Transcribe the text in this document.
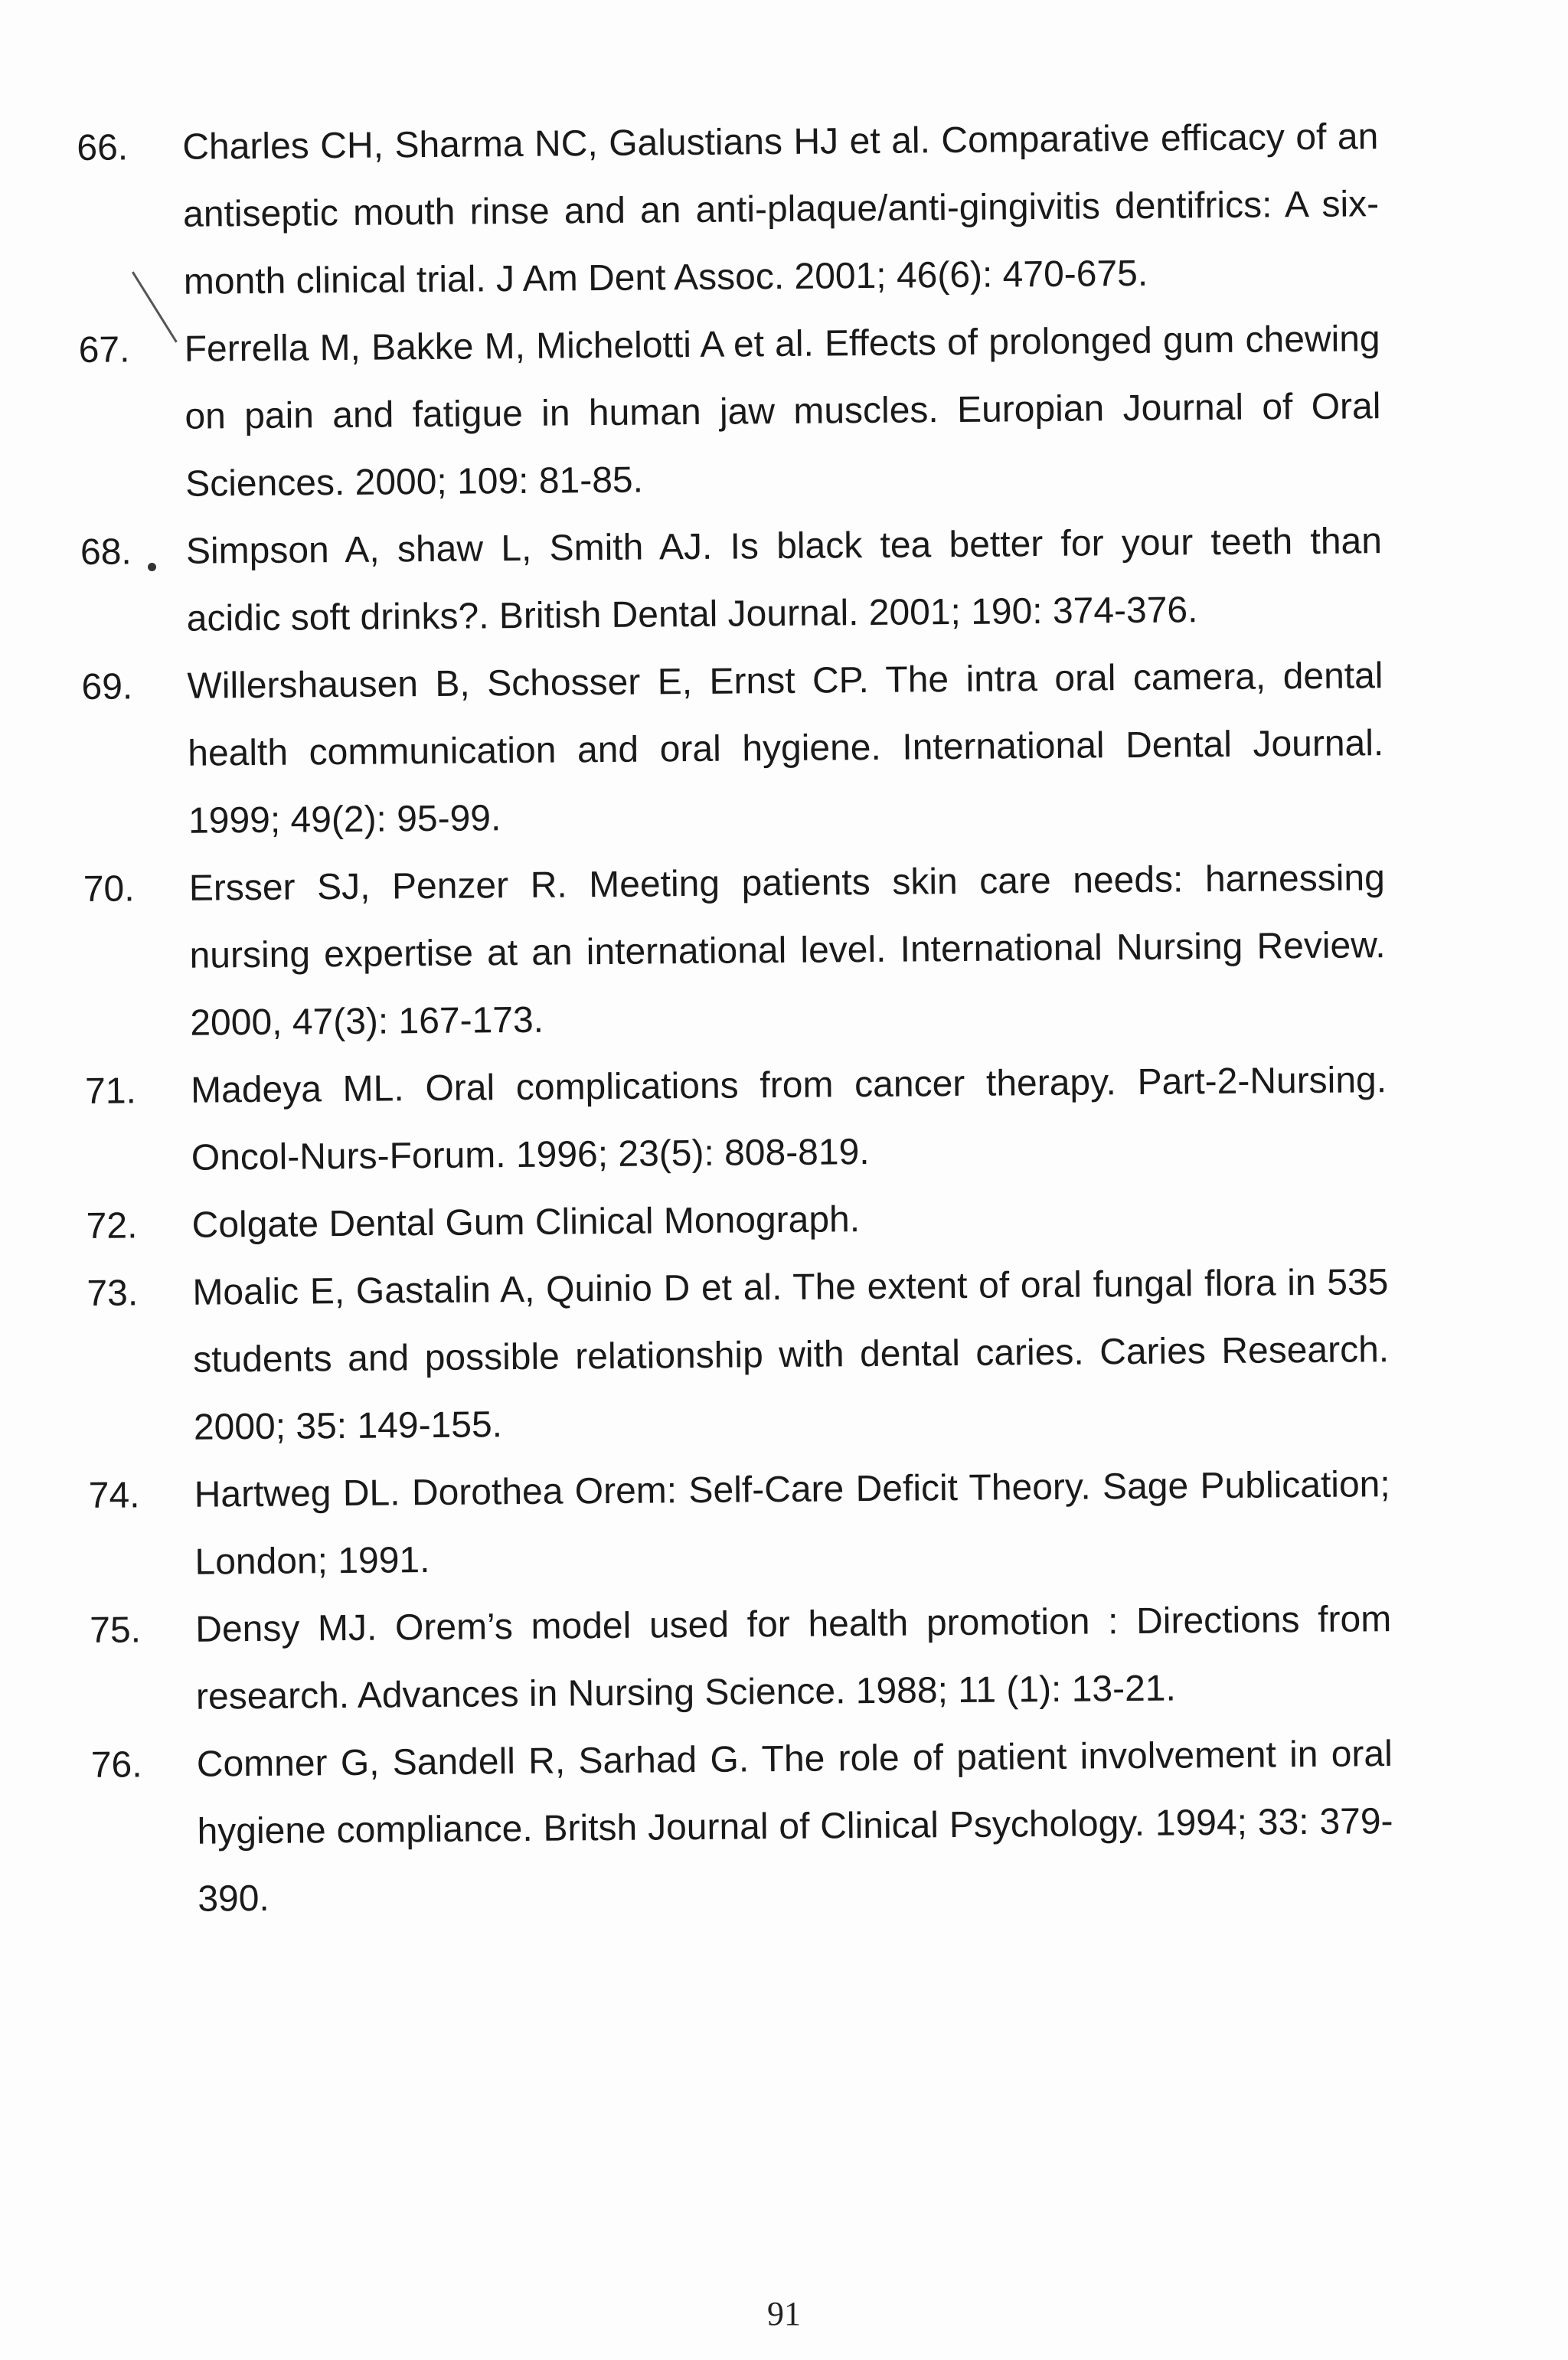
66.	Charles CH, Sharma NC, Galustians HJ et al. Comparative efficacy of an antiseptic mouth rinse and an anti-plaque/anti-gingivitis dentifrics: A six-month clinical trial. J Am Dent Assoc. 2001; 46(6): 470-675.

67.	Ferrella M, Bakke M, Michelotti A et al. Effects of prolonged gum chewing on pain and fatigue in human jaw muscles. Europian Journal of Oral Sciences. 2000; 109: 81-85.

68.	Simpson A, shaw L, Smith AJ. Is black tea better for your teeth than acidic soft drinks?. British Dental Journal. 2001; 190: 374-376.

69.	Willershausen B, Schosser E, Ernst CP. The intra oral camera, dental health communication and oral hygiene. International Dental Journal. 1999; 49(2): 95-99.

70.	Ersser SJ, Penzer R. Meeting patients skin care needs: harnessing nursing expertise at an international level. International Nursing Review. 2000, 47(3): 167-173.

71.	Madeya ML. Oral complications from cancer therapy. Part-2-Nursing. Oncol-Nurs-Forum. 1996; 23(5): 808-819.

72.	Colgate Dental Gum Clinical Monograph.

73.	Moalic E, Gastalin A, Quinio D et al. The extent of oral fungal flora in 535 students and possible relationship with dental caries. Caries Research. 2000; 35: 149-155.

74.	Hartweg DL. Dorothea Orem: Self-Care Deficit Theory. Sage Publication; London; 1991.

75.	Densy MJ. Orem’s model used for health promotion : Directions from research. Advances in Nursing Science. 1988; 11 (1): 13-21.

76.	Comner G, Sandell R, Sarhad G. The role of patient involvement in oral hygiene compliance. Britsh Journal of Clinical Psychology. 1994; 33: 379-390.

91
